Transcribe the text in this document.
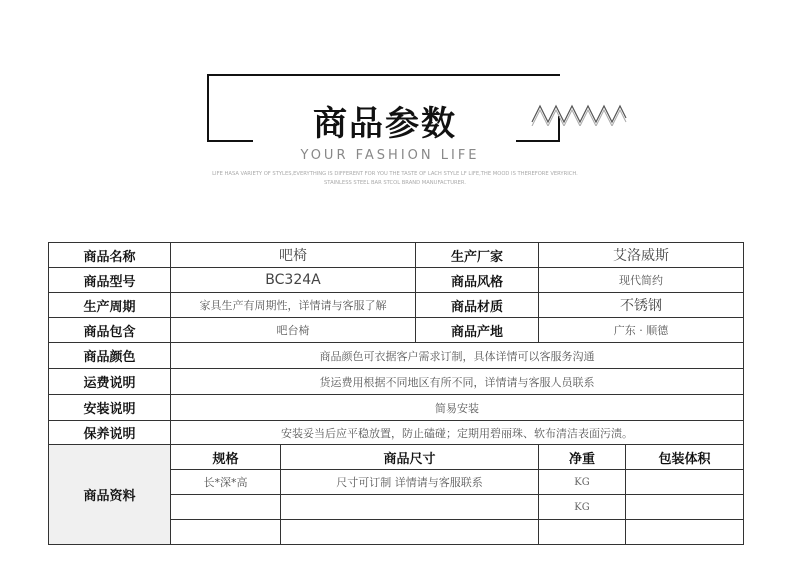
商品参数
YOUR FASHION LIFE
LIFE HASA VARIETY OF STYLES,EVERYTHING IS DIFFERENT FOR YOU THE TASTE OF LACH STYLE LF LIFE,THE MOOD IS THEREFORE VERYRICH.
STAINLESS STEEL BAR STCOL BRAND MANUFACTURER.
商品名称	吧椅		生产厂家	艾洛威斯	
商品型号	BC324A		商品风格	现代简约	
生产周期	家具生产有周期性，详情请与客服了解		商品材质	不锈钢	
商品包含	吧台椅		商品产地	广东 · 顺德	
商品颜色	商品颜色可衣据客户需求订制，具体详情可以客服务沟通				
运费说明	货运费用根据不同地区有所不同，详情请与客服人员联系				
安装说明	简易安装				
保养说明	安装妥当后应平稳放置，防止磕碰；定期用碧丽珠、软布清洁表面污渍。				
商品资料	规格	商品尺寸		净重	包装体积
	长*深*高	尺寸可订制 详情请与客服联系		KG	
				KG	
